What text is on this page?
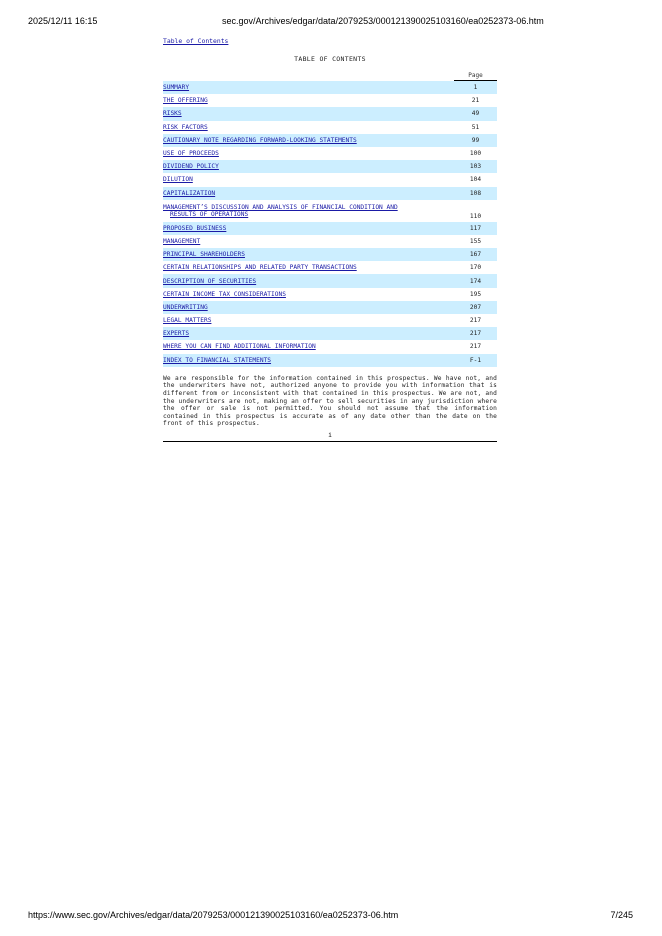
2025/12/11 16:15	sec.gov/Archives/edgar/data/2079253/000121390025103160/ea0252373-06.htm
Table of Contents
TABLE OF CONTENTS
	Page
SUMMARY	1
THE OFFERING	21
RISKS	49
RISK FACTORS	51
CAUTIONARY NOTE REGARDING FORWARD-LOOKING STATEMENTS	99
USE OF PROCEEDS	100
DIVIDEND POLICY	103
DILUTION	104
CAPITALIZATION	108
MANAGEMENT’S DISCUSSION AND ANALYSIS OF FINANCIAL CONDITION AND
RESULTS OF OPERATIONS	110
PROPOSED BUSINESS	117
MANAGEMENT	155
PRINCIPAL SHAREHOLDERS	167
CERTAIN RELATIONSHIPS AND RELATED PARTY TRANSACTIONS	170
DESCRIPTION OF SECURITIES	174
CERTAIN INCOME TAX CONSIDERATIONS	195
UNDERWRITING	207
LEGAL MATTERS	217
EXPERTS	217
WHERE YOU CAN FIND ADDITIONAL INFORMATION	217
INDEX TO FINANCIAL STATEMENTS	F-1
We are responsible for the information contained in this prospectus. We have not, and the underwriters have not, authorized anyone to provide you with information that is different from or inconsistent with that contained in this prospectus. We are not, and the underwriters are not, making an offer to sell securities in any jurisdiction where the offer or sale is not permitted. You should not assume that the information contained in this prospectus is accurate as of any date other than the date on the front of this prospectus.
i
https://www.sec.gov/Archives/edgar/data/2079253/000121390025103160/ea0252373-06.htm	7/245
